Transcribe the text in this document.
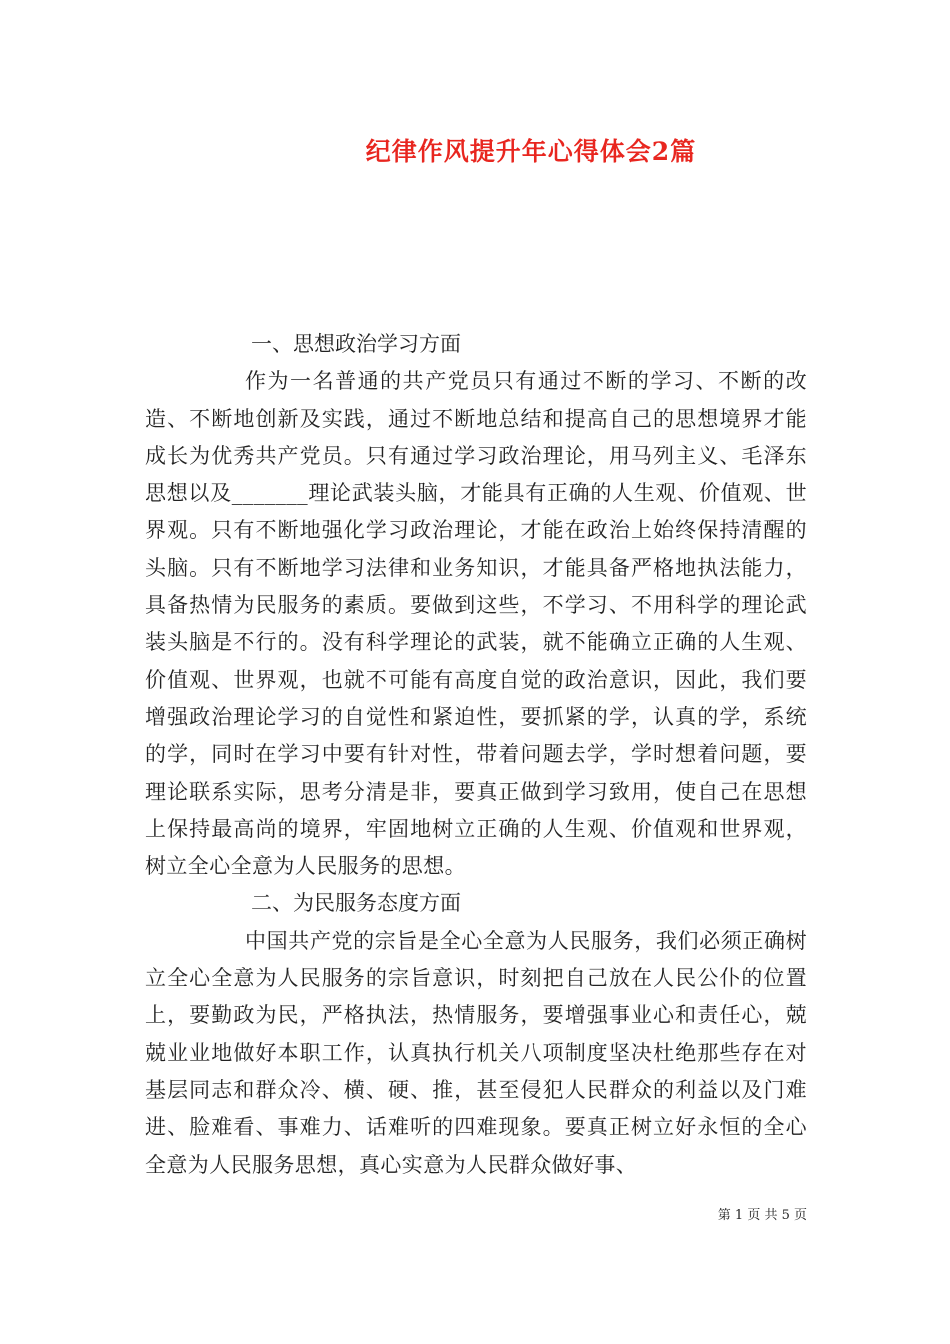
纪律作风提升年心得体会2篇

一、思想政治学习方面

作为一名普通的共产党员只有通过不断的学习、不断的改造、不断地创新及实践，通过不断地总结和提高自己的思想境界才能成长为优秀共产党员。只有通过学习政治理论，用马列主义、毛泽东思想以及_______理论武装头脑，才能具有正确的人生观、价值观、世界观。只有不断地强化学习政治理论，才能在政治上始终保持清醒的头脑。只有不断地学习法律和业务知识，才能具备严格地执法能力，具备热情为民服务的素质。要做到这些，不学习、不用科学的理论武装头脑是不行的。没有科学理论的武装，就不能确立正确的人生观、价值观、世界观，也就不可能有高度自觉的政治意识，因此，我们要增强政治理论学习的自觉性和紧迫性，要抓紧的学，认真的学，系统的学，同时在学习中要有针对性，带着问题去学，学时想着问题，要理论联系实际，思考分清是非，要真正做到学习致用，使自己在思想上保持最高尚的境界，牢固地树立正确的人生观、价值观和世界观，树立全心全意为人民服务的思想。

二、为民服务态度方面

中国共产党的宗旨是全心全意为人民服务，我们必须正确树立全心全意为人民服务的宗旨意识，时刻把自己放在人民公仆的位置上，要勤政为民，严格执法，热情服务，要增强事业心和责任心，兢兢业业地做好本职工作，认真执行机关八项制度坚决杜绝那些存在对基层同志和群众冷、横、硬、推，甚至侵犯人民群众的利益以及门难进、脸难看、事难力、话难听的四难现象。要真正树立好永恒的全心全意为人民服务思想，真心实意为人民群众做好事、

第 1 页 共 5 页
